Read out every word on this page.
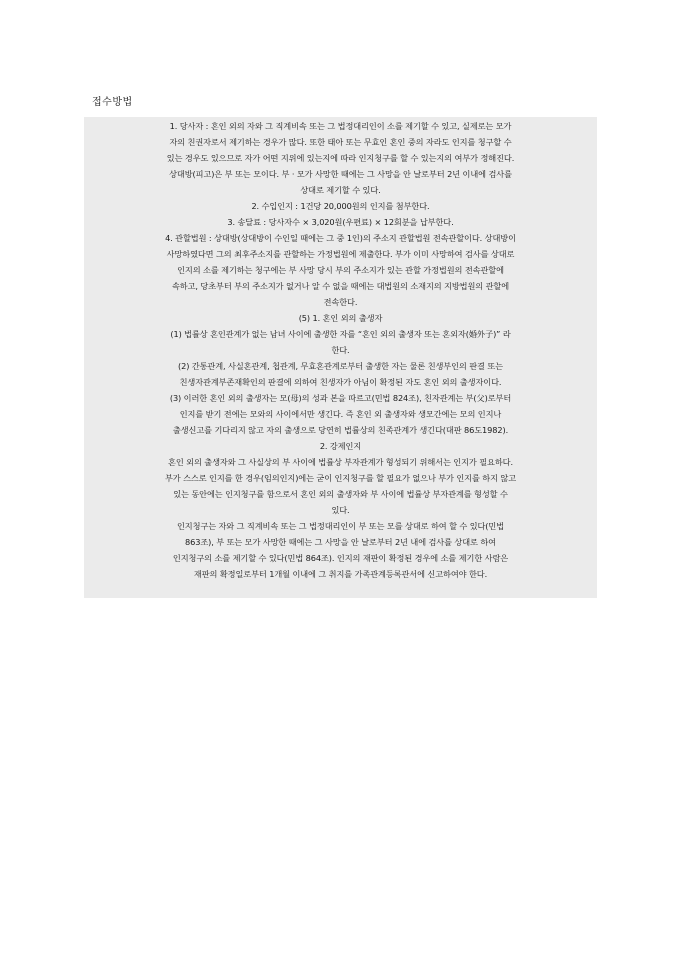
접수방법
1. 당사자 : 혼인 외의 자와 그 직계비속 또는 그 법정대리인이 소를 제기할 수 있고, 실제로는 모가
자의 친권자로서 제기하는 경우가 많다. 또한 태아 또는 무효인 혼인 중의 자라도 인지를 청구할 수
있는 경우도 있으므로 자가 어떤 지위에 있는지에 따라 인지청구를 할 수 있는지의 여부가 정해진다.
상대방(피고)은 부 또는 모이다. 부 · 모가 사망한 때에는 그 사망을 안 날로부터 2년 이내에 검사를
상대로 제기할 수 있다.
2. 수입인지 : 1건당 20,000원의 인지를 첨부한다.
3. 송달료 : 당사자수 × 3,020원(우편료) × 12회분을 납부한다.
4. 관할법원 : 상대방(상대방이 수인일 때에는 그 중 1인)의 주소지 관할법원 전속관할이다. 상대방이
사망하였다면 그의 최후주소지를 관할하는 가정법원에 제출한다. 부가 이미 사망하여 검사를 상대로
인지의 소를 제기하는 청구에는 부 사망 당시 부의 주소지가 있는 관할 가정법원의 전속관할에
속하고, 당초부터 부의 주소지가 없거나 알 수 없을 때에는 대법원의 소재지의 지방법원의 관할에
전속한다.
(5) 1. 혼인 외의 출생자
(1) 법률상 혼인관계가 없는 남녀 사이에 출생한 자를 “혼인 외의 출생자 또는 혼외자(婚外子)” 라
한다.
(2) 간통관계, 사실혼관계, 첩관계, 무효혼관계로부터 출생한 자는 물론 친생부인의 판결 또는
친생자관계부존재확인의 판결에 의하여 친생자가 아님이 확정된 자도 혼인 외의 출생자이다.
(3) 이러한 혼인 외의 출생자는 모(母)의 성과 본을 따르고(민법 824조), 친자관계는 부(父)로부터
인지를 받기 전에는 모와의 사이에서만 생긴다. 즉 혼인 외 출생자와 생모간에는 모의 인지나
출생신고를 기다리지 않고 자의 출생으로 당연히 법률상의 친족관계가 생긴다(대판 86도1982).
2. 강제인지
혼인 외의 출생자와 그 사실상의 부 사이에 법률상 부자관계가 형성되기 위해서는 인지가 필요하다.
부가 스스로 인지를 한 경우(임의인지)에는 굳이 인지청구를 할 필요가 없으나 부가 인지를 하지 않고
있는 동안에는 인지청구를 함으로서 혼인 외의 출생자와 부 사이에 법률상 부자관계를 형성할 수
있다.
인지청구는 자와 그 직계비속 또는 그 법정대리인이 부 또는 모를 상대로 하여 할 수 있다(민법
863조), 부 또는 모가 사망한 때에는 그 사망을 안 날로부터 2년 내에 검사를 상대로 하여
인지청구의 소를 제기할 수 있다(민법 864조). 인지의 재판이 확정된 경우에 소를 제기한 사람은
재판의 확정일로부터 1개월 이내에 그 취지를 가족관계등록관서에 신고하여야 한다.
